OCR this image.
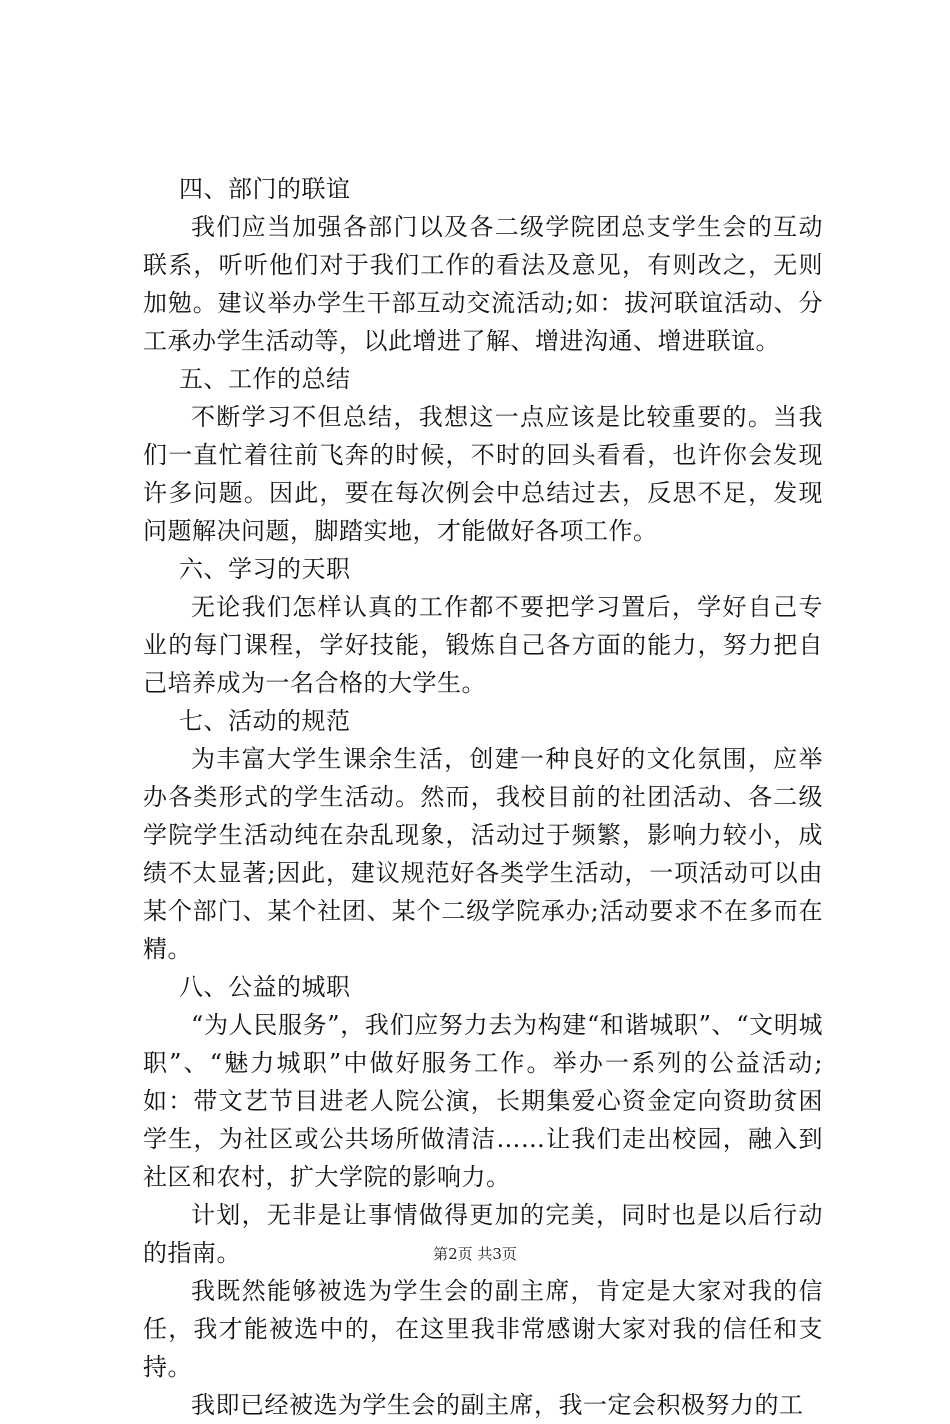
四、部门的联谊

我们应当加强各部门以及各二级学院团总支学生会的互动联系，听听他们对于我们工作的看法及意见，有则改之，无则加勉。建议举办学生干部互动交流活动;如：拔河联谊活动、分工承办学生活动等，以此增进了解、增进沟通、增进联谊。

五、工作的总结

不断学习不但总结，我想这一点应该是比较重要的。当我们一直忙着往前飞奔的时候，不时的回头看看，也许你会发现许多问题。因此，要在每次例会中总结过去，反思不足，发现问题解决问题，脚踏实地，才能做好各项工作。

六、学习的天职

无论我们怎样认真的工作都不要把学习置后，学好自己专业的每门课程，学好技能，锻炼自己各方面的能力，努力把自己培养成为一名合格的大学生。

七、活动的规范

为丰富大学生课余生活，创建一种良好的文化氛围，应举办各类形式的学生活动。然而，我校目前的社团活动、各二级学院学生活动纯在杂乱现象，活动过于频繁，影响力较小，成绩不太显著;因此，建议规范好各类学生活动，一项活动可以由某个部门、某个社团、某个二级学院承办;活动要求不在多而在精。

八、公益的城职

“为人民服务”，我们应努力去为构建“和谐城职”、“文明城职”、“魅力城职”中做好服务工作。举办一系列的公益活动;如：带文艺节目进老人院公演，长期集爱心资金定向资助贫困学生，为社区或公共场所做清洁……让我们走出校园，融入到社区和农村，扩大学院的影响力。

计划，无非是让事情做得更加的完美，同时也是以后行动的指南。

我既然能够被选为学生会的副主席，肯定是大家对我的信任，我才能被选中的，在这里我非常感谢大家对我的信任和支持。

我即已经被选为学生会的副主席，我一定会积极努力的工

第2页 共3页
